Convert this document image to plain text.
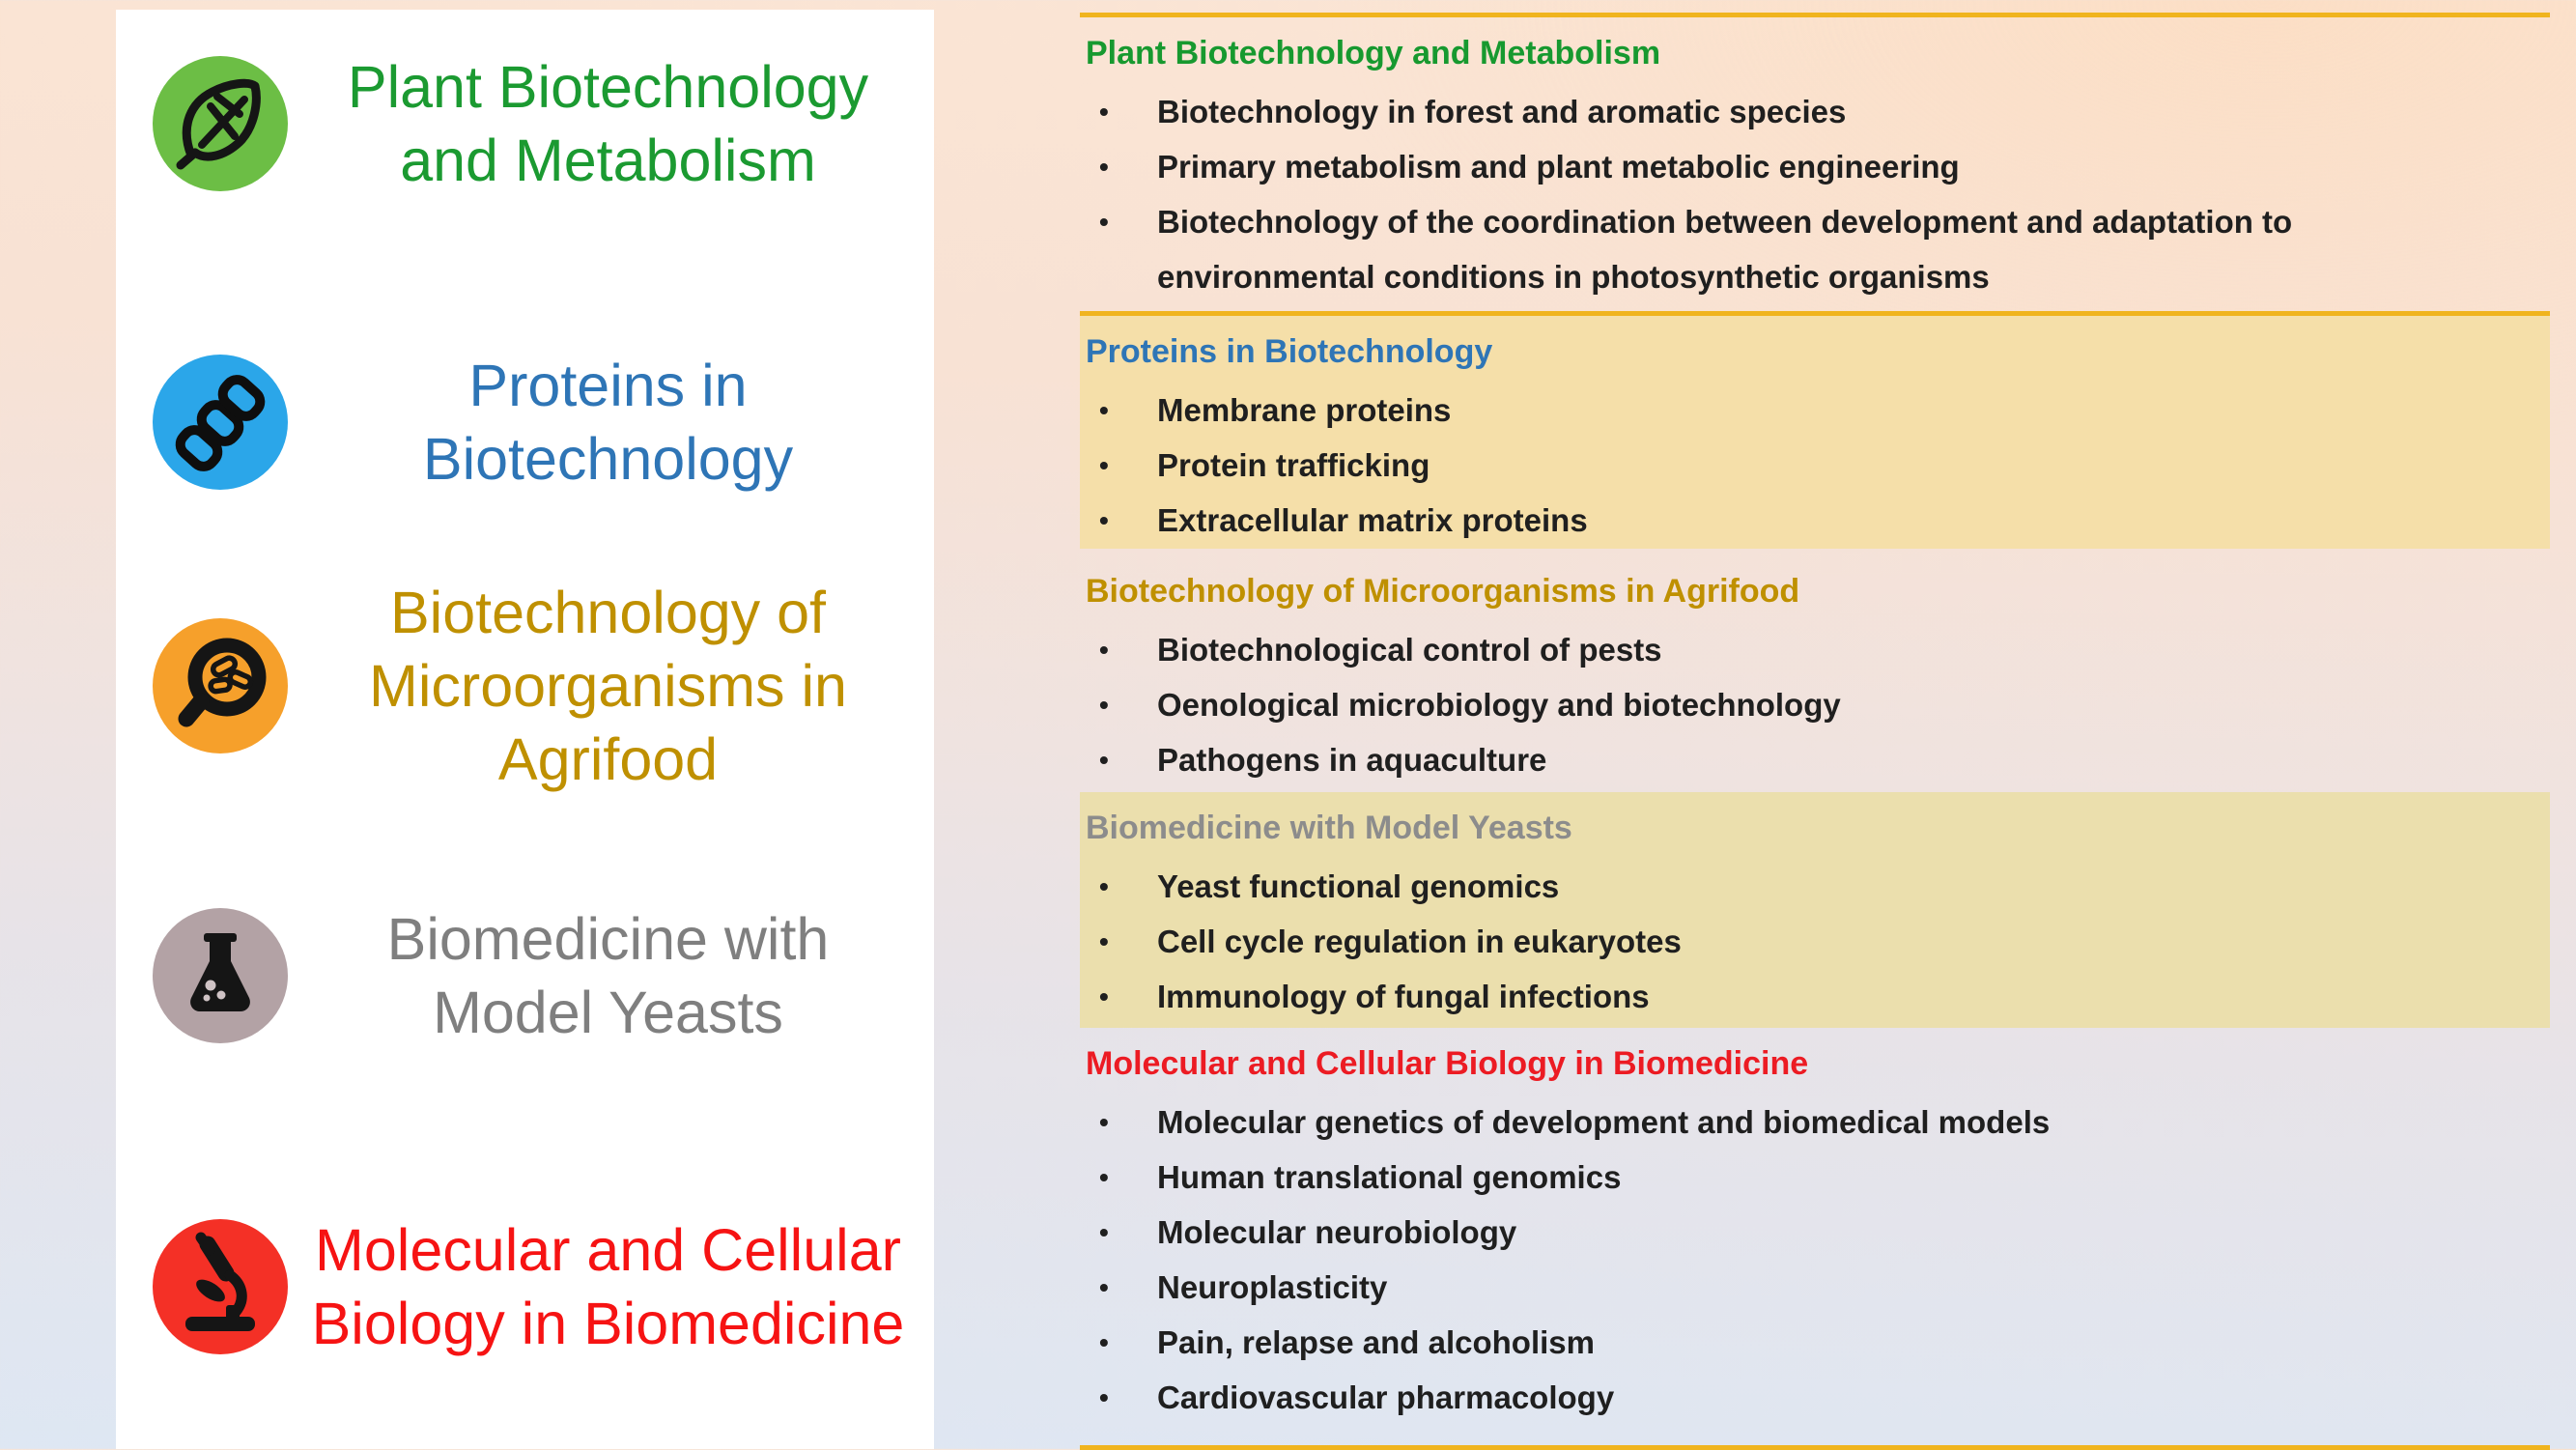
Plant Biotechnology
and Metabolism
Proteins in
Biotechnology
Biotechnology of
Microorganisms in
Agrifood
Biomedicine with
Model Yeasts
Molecular and Cellular
Biology in Biomedicine
Plant Biotechnology and Metabolism
• Biotechnology in forest and aromatic species
• Primary metabolism and plant metabolic engineering
• Biotechnology of the coordination between development and adaptation to environmental conditions in photosynthetic organisms
Proteins in Biotechnology
• Membrane proteins
• Protein trafficking
• Extracellular matrix proteins
Biotechnology of Microorganisms in Agrifood
• Biotechnological control of pests
• Oenological microbiology and biotechnology
• Pathogens in aquaculture
Biomedicine with Model Yeasts
• Yeast functional genomics
• Cell cycle regulation in eukaryotes
• Immunology of fungal infections
Molecular and Cellular Biology in Biomedicine
• Molecular genetics of development and biomedical models
• Human translational genomics
• Molecular neurobiology
• Neuroplasticity
• Pain, relapse and alcoholism
• Cardiovascular pharmacology
